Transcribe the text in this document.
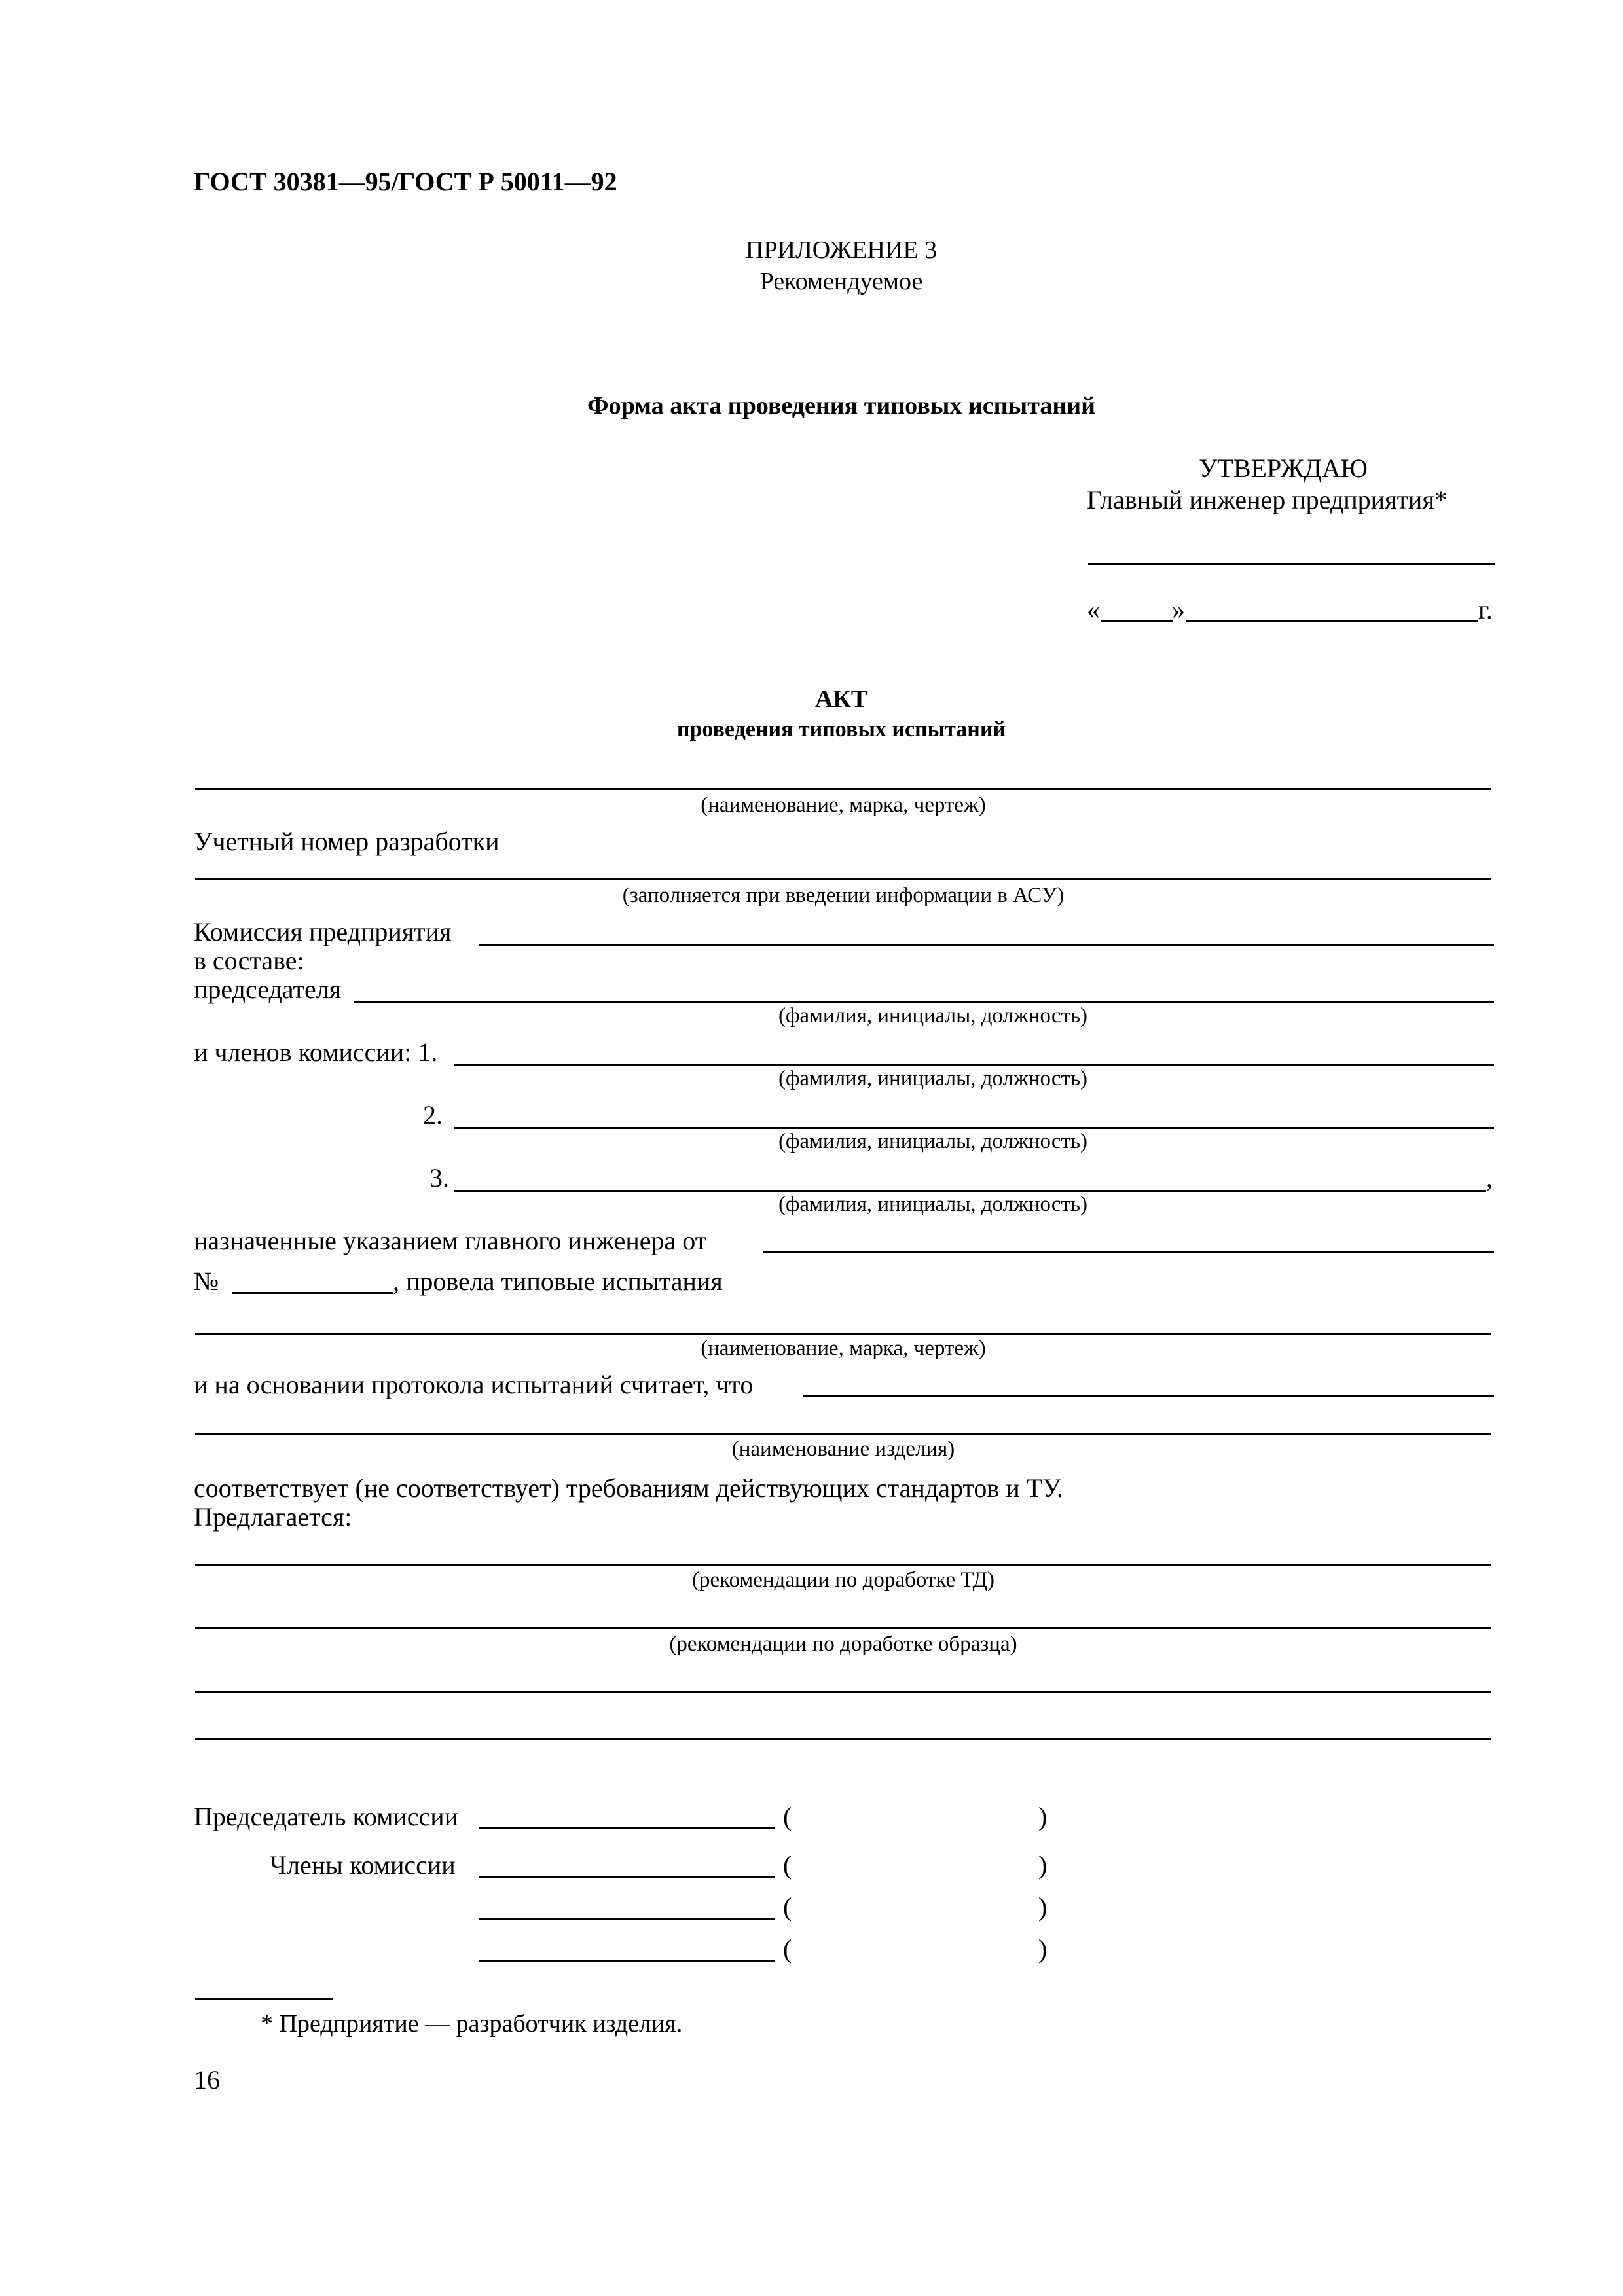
ГОСТ 30381—95/ГОСТ Р 50011—92
ПРИЛОЖЕНИЕ 3
Рекомендуемое
Форма акта проведения типовых испытаний
УТВЕРЖДАЮ
Главный инженер предприятия*
«	»	г.
АКТ
проведения типовых испытаний
(наименование, марка, чертеж)
Учетный номер разработки
(заполняется при введении информации в АСУ)
Комиссия предприятия
в составе:
председателя
(фамилия, инициалы, должность)
и членов комиссии: 1.
(фамилия, инициалы, должность)
2.
(фамилия, инициалы, должность)
3.	,
(фамилия, инициалы, должность)
назначенные указанием главного инженера от
№	, провела типовые испытания
(наименование, марка, чертеж)
и на основании протокола испытаний считает, что
(наименование изделия)
соответствует (не соответствует) требованиям действующих стандартов и ТУ.
Предлагается:
(рекомендации по доработке ТД)
(рекомендации по доработке образца)
Председатель комиссии	(	)
Члены комиссии	(	)
(	)
(	)
* Предприятие — разработчик изделия.
16
